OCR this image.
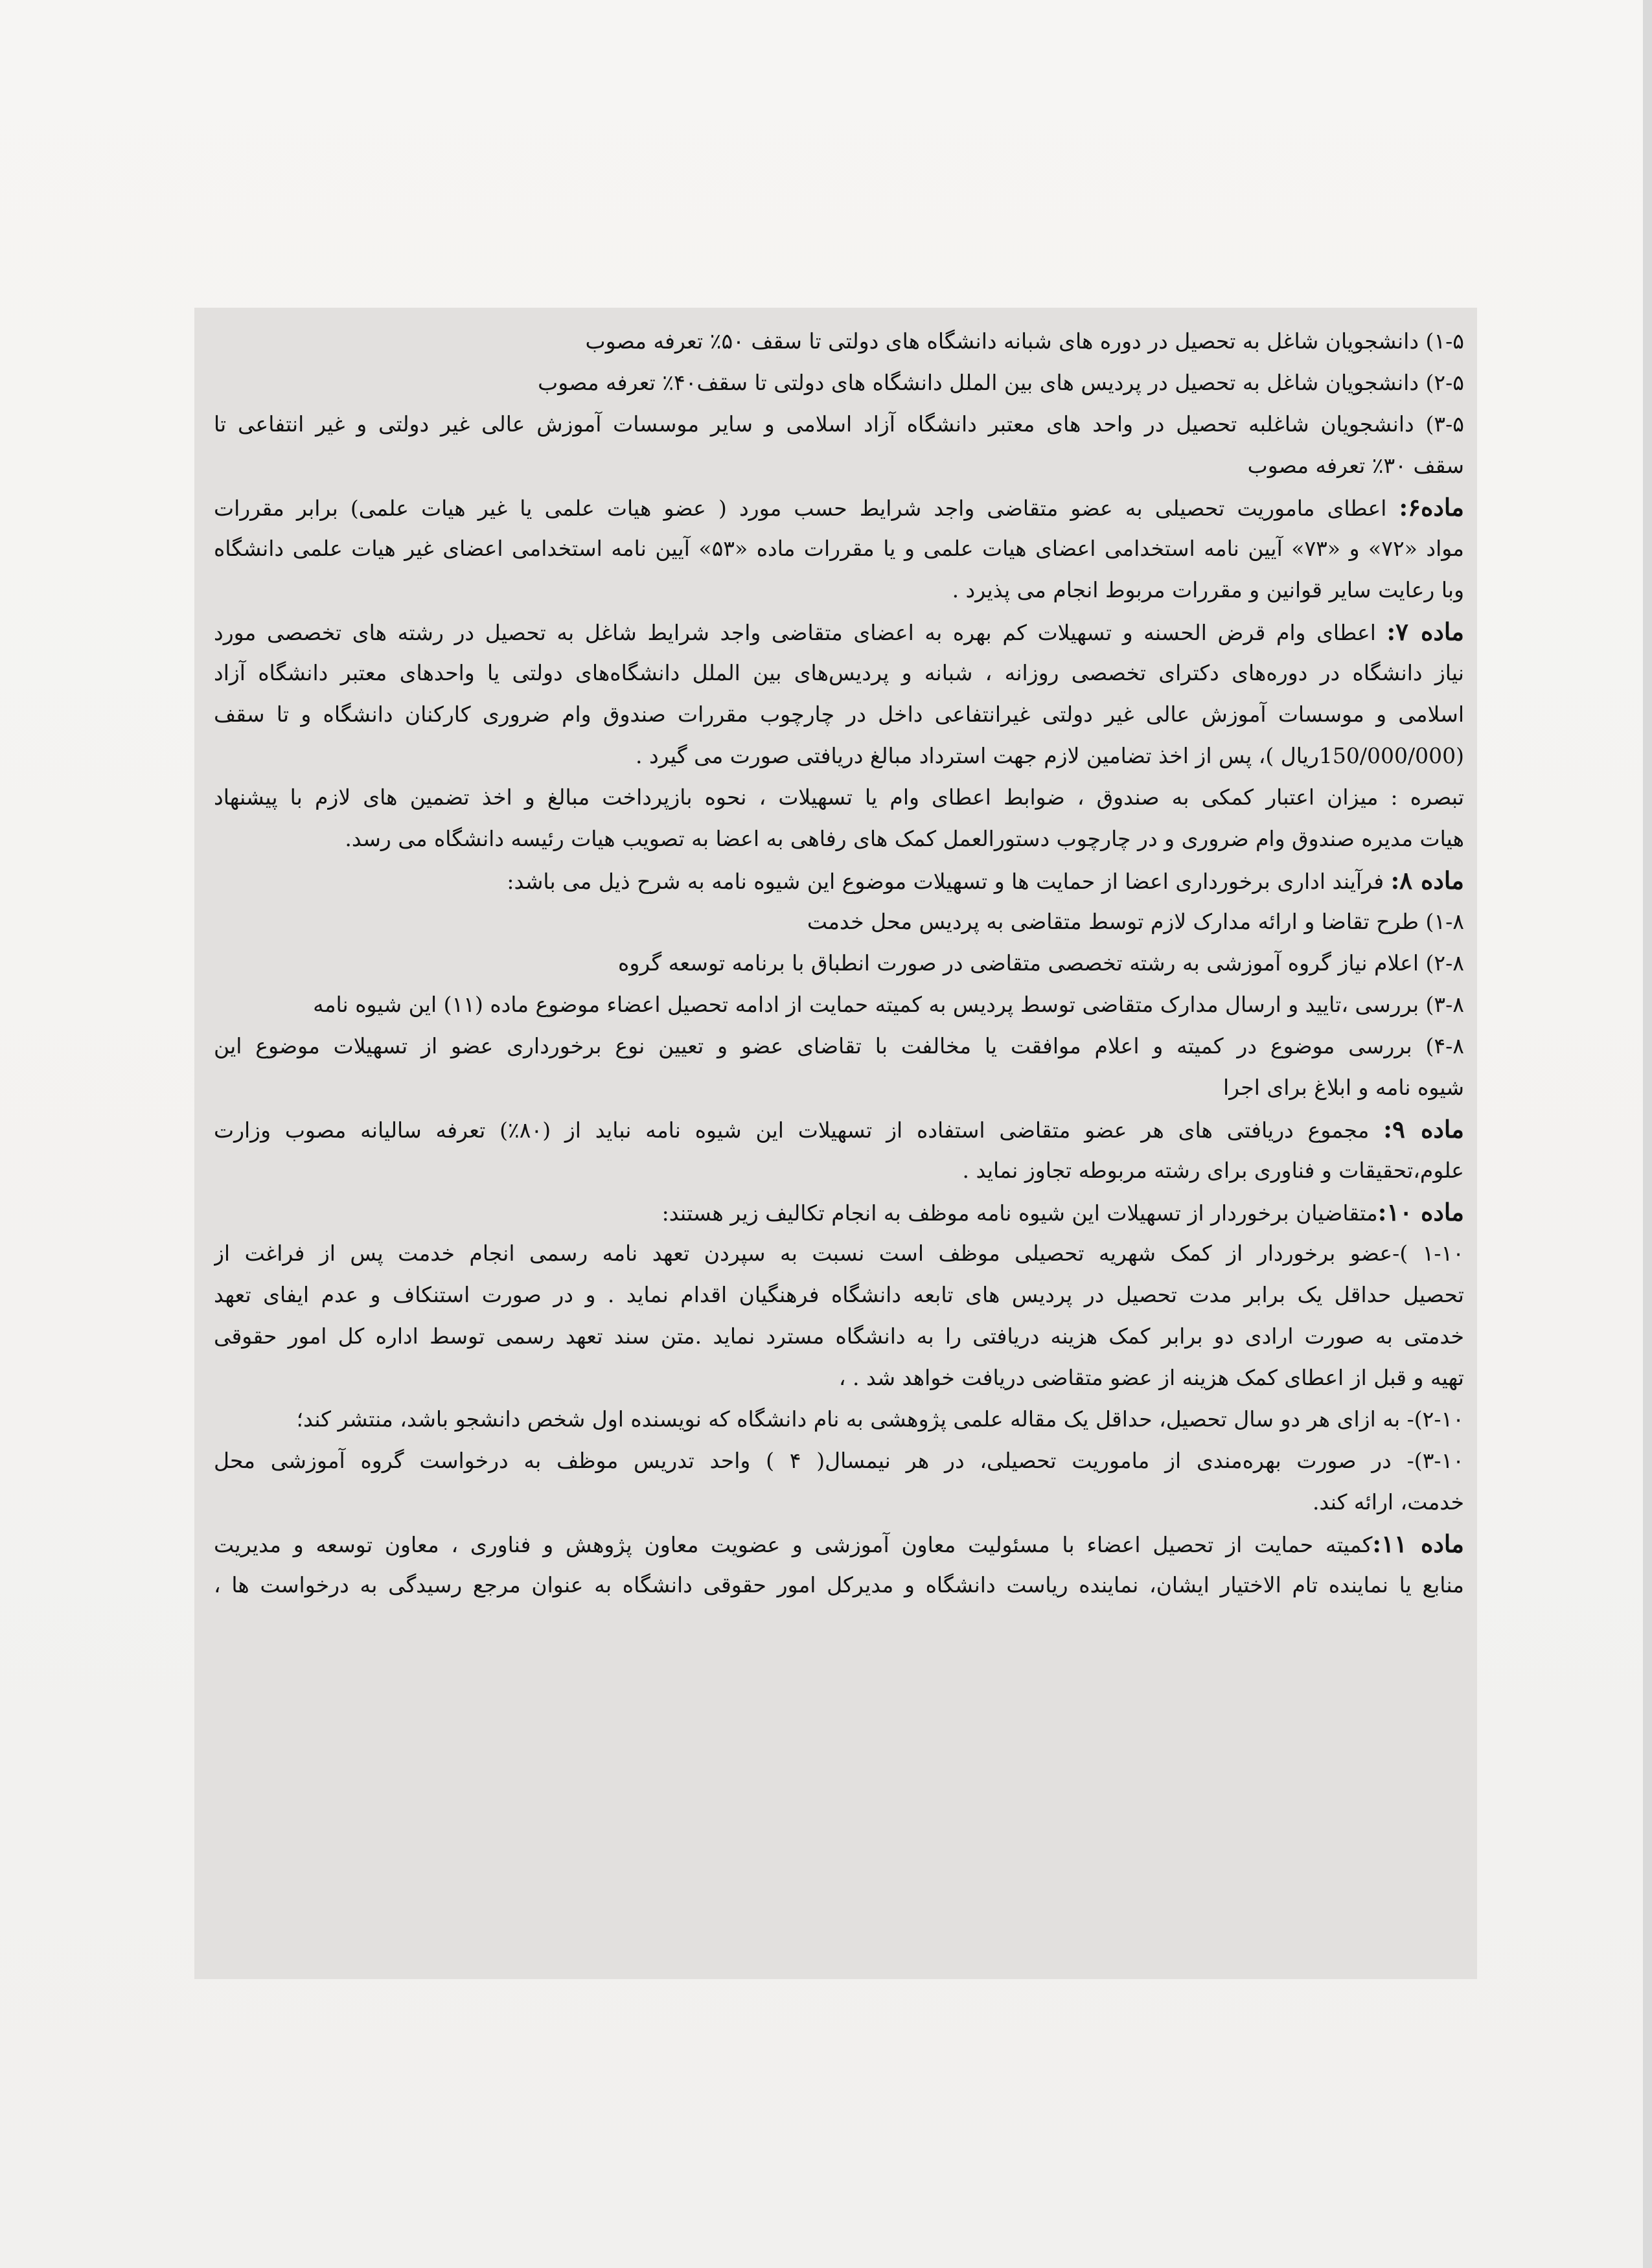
۱-۵) دانشجویان شاغل به تحصیل در دوره های شبانه دانشگاه های دولتی تا سقف ۵۰٪ تعرفه مصوب
۲-۵) دانشجویان شاغل به تحصیل در پردیس های بین الملل دانشگاه های دولتی تا سقف۴۰٪ تعرفه مصوب
۳-۵) دانشجویان شاغلبه تحصیل در واحد های معتبر دانشگاه آزاد اسلامی و سایر موسسات آموزش عالی غیر دولتی و غیر انتفاعی تا
سقف ۳۰٪ تعرفه مصوب
ماده۶: اعطای ماموریت تحصیلی به عضو متقاضی واجد شرایط حسب مورد ( عضو هیات علمی یا غیر هیات علمی) برابر مقررات
مواد «۷۲» و «۷۳» آیین نامه استخدامی اعضای هیات علمی و یا مقررات ماده «۵۳» آیین نامه استخدامی اعضای غیر هیات علمی دانشگاه
وبا رعایت سایر قوانین و مقررات مربوط انجام می پذیرد .
ماده ۷: اعطای وام قرض الحسنه و تسهیلات کم بهره به اعضای متقاضی واجد شرایط شاغل به تحصیل در رشته های تخصصی مورد
نیاز دانشگاه در دوره‌های دکترای تخصصی روزانه ، شبانه و پردیس‌های بین الملل دانشگاه‌های دولتی یا واحدهای معتبر دانشگاه آزاد
اسلامی و موسسات آموزش عالی غیر دولتی غیرانتفاعی داخل در چارچوب مقررات صندوق وام ضروری کارکنان دانشگاه و تا سقف
(150/000/000ریال )، پس از اخذ تضامین لازم جهت استرداد مبالغ دریافتی صورت می گیرد .
تبصره : میزان اعتبار کمکی به صندوق ، ضوابط اعطای وام یا تسهیلات ، نحوه بازپرداخت مبالغ و اخذ تضمین های لازم با پیشنهاد
هیات مدیره صندوق وام ضروری و در چارچوب دستورالعمل کمک های رفاهی به اعضا به تصویب هیات رئیسه دانشگاه می رسد.
ماده ۸: فرآیند اداری برخورداری اعضا از حمایت ها و تسهیلات موضوع این شیوه نامه به شرح ذیل می باشد:
۱-۸) طرح تقاضا و ارائه مدارک لازم توسط متقاضی به پردیس محل خدمت
۲-۸) اعلام نیاز گروه آموزشی به رشته تخصصی متقاضی در صورت انطباق با برنامه توسعه گروه
۳-۸) بررسی ،تایید و ارسال مدارک متقاضی توسط پردیس به کمیته حمایت از ادامه تحصیل اعضاء موضوع ماده (۱۱) این شیوه نامه
۴-۸) بررسی موضوع در کمیته و اعلام موافقت یا مخالفت با تقاضای عضو و تعیین نوع برخورداری عضو از تسهیلات موضوع این
شیوه نامه و ابلاغ برای اجرا
ماده ۹: مجموع دریافتی های هر عضو متقاضی استفاده از تسهیلات این شیوه نامه نباید از (۸۰٪) تعرفه سالیانه مصوب وزارت
علوم،تحقیقات و فناوری برای رشته مربوطه تجاوز نماید .
ماده ۱۰:متقاضیان برخوردار از تسهیلات این شیوه نامه موظف به انجام تکالیف زیر هستند:
۱-۱۰ )-عضو برخوردار از کمک شهریه تحصیلی موظف است نسبت به سپردن تعهد نامه رسمی انجام خدمت پس از فراغت از
تحصیل حداقل یک برابر مدت تحصیل در پردیس های تابعه دانشگاه فرهنگیان اقدام نماید . و در صورت استنکاف و عدم ایفای تعهد
خدمتی به صورت ارادی دو برابر کمک هزینه دریافتی را به دانشگاه مسترد نماید .متن سند تعهد رسمی توسط اداره کل امور حقوقی
تهیه و قبل از اعطای کمک هزینه از عضو متقاضی دریافت خواهد شد . ،
۲-۱۰)- به ازای هر دو سال تحصیل، حداقل یک مقاله علمی پژوهشی به نام دانشگاه که نویسنده اول شخص دانشجو باشد، منتشر کند؛
۳-۱۰)- در صورت بهره‌مندی از ماموریت تحصیلی، در هر نیمسال( ۴ ) واحد تدریس موظف به درخواست گروه آموزشی محل
خدمت، ارائه کند.
ماده ۱۱:کمیته حمایت از تحصیل اعضاء با مسئولیت معاون آموزشی و عضویت معاون پژوهش و فناوری ، معاون توسعه و مدیریت
منابع یا نماینده تام الاختیار ایشان، نماینده ریاست دانشگاه و مدیرکل امور حقوقی دانشگاه به عنوان مرجع رسیدگی به درخواست ها ،
